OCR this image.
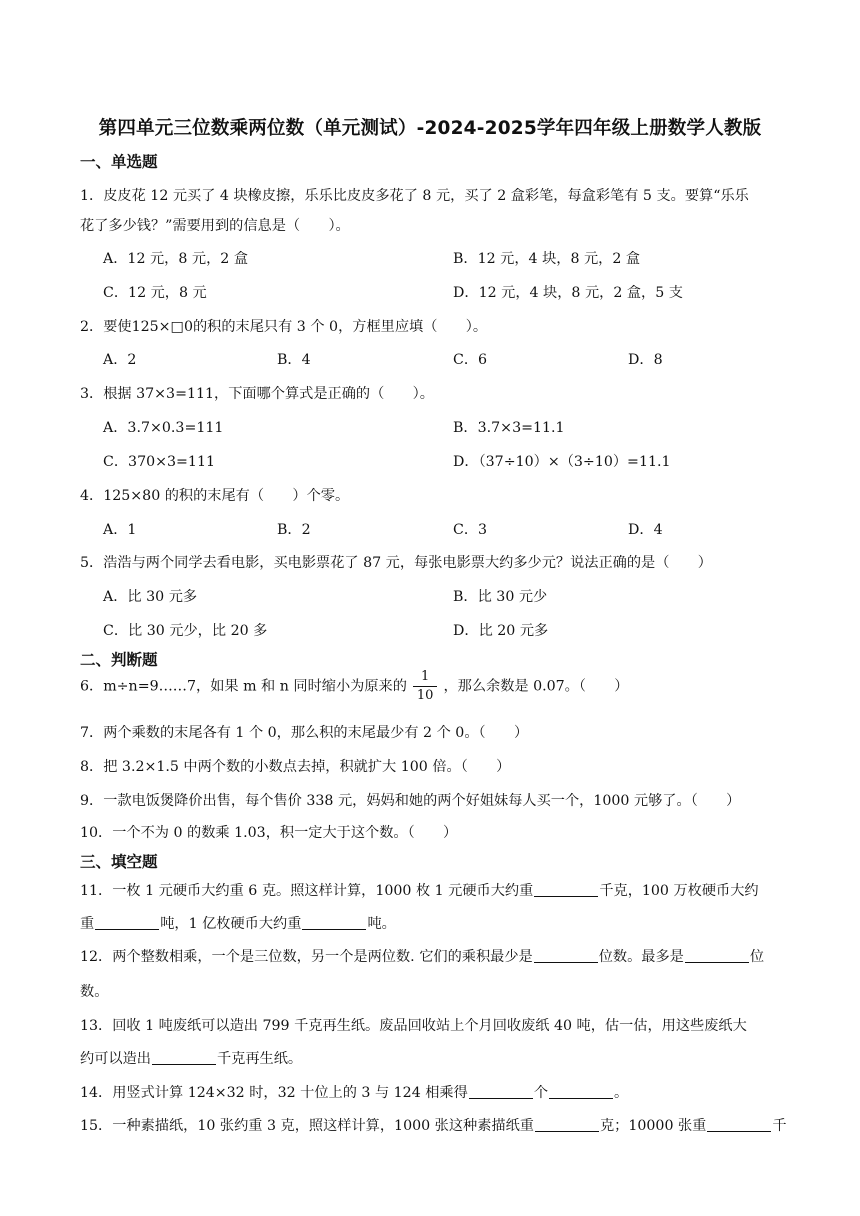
第四单元三位数乘两位数（单元测试）-2024-2025学年四年级上册数学人教版
一、单选题
1．皮皮花 12 元买了 4 块橡皮擦，乐乐比皮皮多花了 8 元，买了 2 盒彩笔，每盒彩笔有 5 支。要算“乐乐
花了多少钱？”需要用到的信息是（　　）。
A．12 元，8 元，2 盒	B．12 元，4 块，8 元，2 盒
C．12 元，8 元	D．12 元，4 块，8 元，2 盒，5 支
2．要使125×□0的积的末尾只有 3 个 0，方框里应填（　　）。
A．2	B．4	C．6	D．8
3．根据 37×3=111，下面哪个算式是正确的（　　）。
A．3.7×0.3=111	B．3.7×3=11.1
C．370×3=111	D．（37÷10）×（3÷10）=11.1
4．125×80 的积的末尾有（　　）个零。
A．1	B．2	C．3	D．4
5．浩浩与两个同学去看电影，买电影票花了 87 元，每张电影票大约多少元？说法正确的是（　　）
A．比 30 元多	B．比 30 元少
C．比 30 元少，比 20 多	D．比 20 元多
二、判断题
6．m÷n=9……7，如果 m 和 n 同时缩小为原来的 $\frac{1}{10}$ ，那么余数是 0.07。（　　）
7．两个乘数的末尾各有 1 个 0，那么积的末尾最少有 2 个 0。（　　）
8．把 3.2×1.5 中两个数的小数点去掉，积就扩大 100 倍。（　　）
9．一款电饭煲降价出售，每个售价 338 元，妈妈和她的两个好姐妹每人买一个，1000 元够了。（　　）
10．一个不为 0 的数乘 1.03，积一定大于这个数。（　　）
三、填空题
11．一枚 1 元硬币大约重 6 克。照这样计算，1000 枚 1 元硬币大约重	千克，100 万枚硬币大约
重	吨，1 亿枚硬币大约重	吨。
12．两个整数相乘，一个是三位数，另一个是两位数. 它们的乘积最少是	位数。最多是	位
数。
13．回收 1 吨废纸可以造出 799 千克再生纸。废品回收站上个月回收废纸 40 吨，估一估，用这些废纸大
约可以造出	千克再生纸。
14．用竖式计算 124×32 时，32 十位上的 3 与 124 相乘得	个	。
15．一种素描纸，10 张约重 3 克，照这样计算，1000 张这种素描纸重	克；10000 张重	千
